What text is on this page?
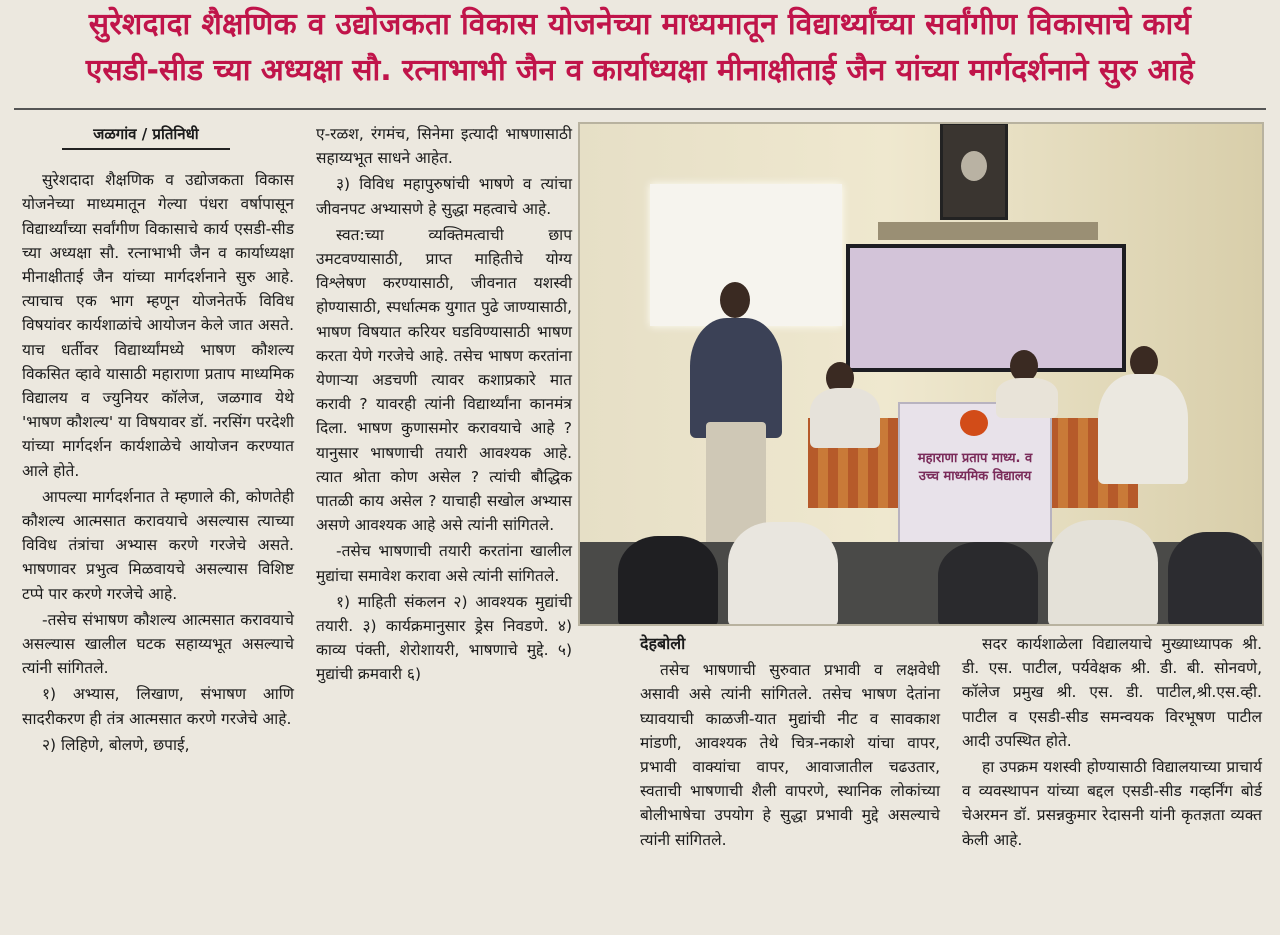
सुरेशदादा शैक्षणिक व उद्योजकता विकास योजनेच्या माध्यमातून विद्यार्थ्यांच्या सर्वांगीण विकासाचे कार्य
एसडी-सीड च्या अध्यक्षा सौ. रत्नाभाभी जैन व कार्याध्यक्षा मीनाक्षीताई जैन यांच्या मार्गदर्शनाने सुरु आहे
जळगांव / प्रतिनिधी

सुरेशदादा शैक्षणिक व उद्योजकता विकास योजनेच्या माध्यमातून गेल्या पंधरा वर्षापासून विद्यार्थ्यांच्या सर्वांगीण विकासाचे कार्य एसडी-सीड च्या अध्यक्षा सौ. रत्नाभाभी जैन व कार्याध्यक्षा मीनाक्षीताई जैन यांच्या मार्गदर्शनाने सुरु आहे. त्याचाच एक भाग म्हणून योजनेतर्फे विविध विषयांवर कार्यशाळांचे आयोजन केले जात असते. याच धर्तीवर विद्यार्थ्यांमध्ये भाषण कौशल्य विकसित व्हावे यासाठी महाराणा प्रताप माध्यमिक विद्यालय व ज्युनियर कॉलेज, जळगाव येथे 'भाषण कौशल्य' या विषयावर डॉ. नरसिंग परदेशी यांच्या मार्गदर्शन कार्यशाळेचे आयोजन करण्यात आले होते.

आपल्या मार्गदर्शनात ते म्हणाले की, कोणतेही कौशल्य आत्मसात करावयाचे असल्यास त्याच्या विविध तंत्रांचा अभ्यास करणे गरजेचे असते. भाषणावर प्रभुत्व मिळवायचे असल्यास विशिष्ट टप्पे पार करणे गरजेचे आहे.

-तसेच संभाषण कौशल्य आत्मसात करावयाचे असल्यास खालील घटक सहाय्यभूत असल्याचे त्यांनी सांगितले.

१) अभ्यास, लिखाण, संभाषण आणि सादरीकरण ही तंत्र आत्मसात करणे गरजेचे आहे.

२) लिहिणे, बोलणे, छपाई,

ए-रळश, रंगमंच, सिनेमा इत्यादी भाषणासाठी सहाय्यभूत साधने आहेत.

३) विविध महापुरुषांची भाषणे व त्यांचा जीवनपट अभ्यासणे हे सुद्धा महत्वाचे आहे.

स्वत:च्या व्यक्तिमत्वाची छाप उमटवण्यासाठी, प्राप्त माहितीचे योग्य विश्लेषण करण्यासाठी, जीवनात यशस्वी होण्यासाठी, स्पर्धात्मक युगात पुढे जाण्यासाठी, भाषण विषयात करियर घडविण्यासाठी भाषण करता येणे गरजेचे आहे. तसेच भाषण करतांना येणाऱ्या अडचणी त्यावर कशाप्रकारे मात करावी ? यावरही त्यांनी विद्यार्थ्यांना कानमंत्र दिला. भाषण कुणासमोर करावयाचे आहे ? यानुसार भाषणाची तयारी आवश्यक आहे. त्यात श्रोता कोण असेल ? त्यांची बौद्धिक पातळी काय असेल ? याचाही सखोल अभ्यास असणे आवश्यक आहे असे त्यांनी सांगितले.

-तसेच भाषणाची तयारी करतांना खालील मुद्यांचा समावेश करावा असे त्यांनी सांगितले.

१) माहिती संकलन २) आवश्यक मुद्यांची तयारी. ३) कार्यक्रमानुसार ड्रेस निवडणे. ४) काव्य पंक्ती, शेरोशायरी, भाषणाचे मुद्दे. ५) मुद्यांची क्रमवारी ६)

महाराणा प्रताप माध्य. व उच्च माध्यमिक विद्यालय
देहबोली

तसेच भाषणाची सुरुवात प्रभावी व लक्षवेधी असावी असे त्यांनी सांगितले. तसेच भाषण देतांना घ्यावयाची काळजी-यात मुद्यांची नीट व सावकाश मांडणी, आवश्यक तेथे चित्र-नकाशे यांचा वापर, प्रभावी वाक्यांचा वापर, आवाजातील चढउतार, स्वताची भाषणाची शैली वापरणे, स्थानिक लोकांच्या बोलीभाषेचा उपयोग हे सुद्धा प्रभावी मुद्दे असल्याचे त्यांनी सांगितले.

सदर कार्यशाळेला विद्यालयाचे मुख्याध्यापक श्री. डी. एस. पाटील, पर्यवेक्षक श्री. डी. बी. सोनवणे, कॉलेज प्रमुख श्री. एस. डी. पाटील,श्री.एस.व्ही. पाटील व एसडी-सीड समन्वयक विरभूषण पाटील आदी उपस्थित होते.

हा उपक्रम यशस्वी होण्यासाठी विद्यालयाच्या प्राचार्य व व्यवस्थापन यांच्या बद्दल एसडी-सीड गव्हर्निंग बोर्ड चेअरमन डॉ. प्रसन्नकुमार रेदासनी यांनी कृतज्ञता व्यक्त केली आहे.
